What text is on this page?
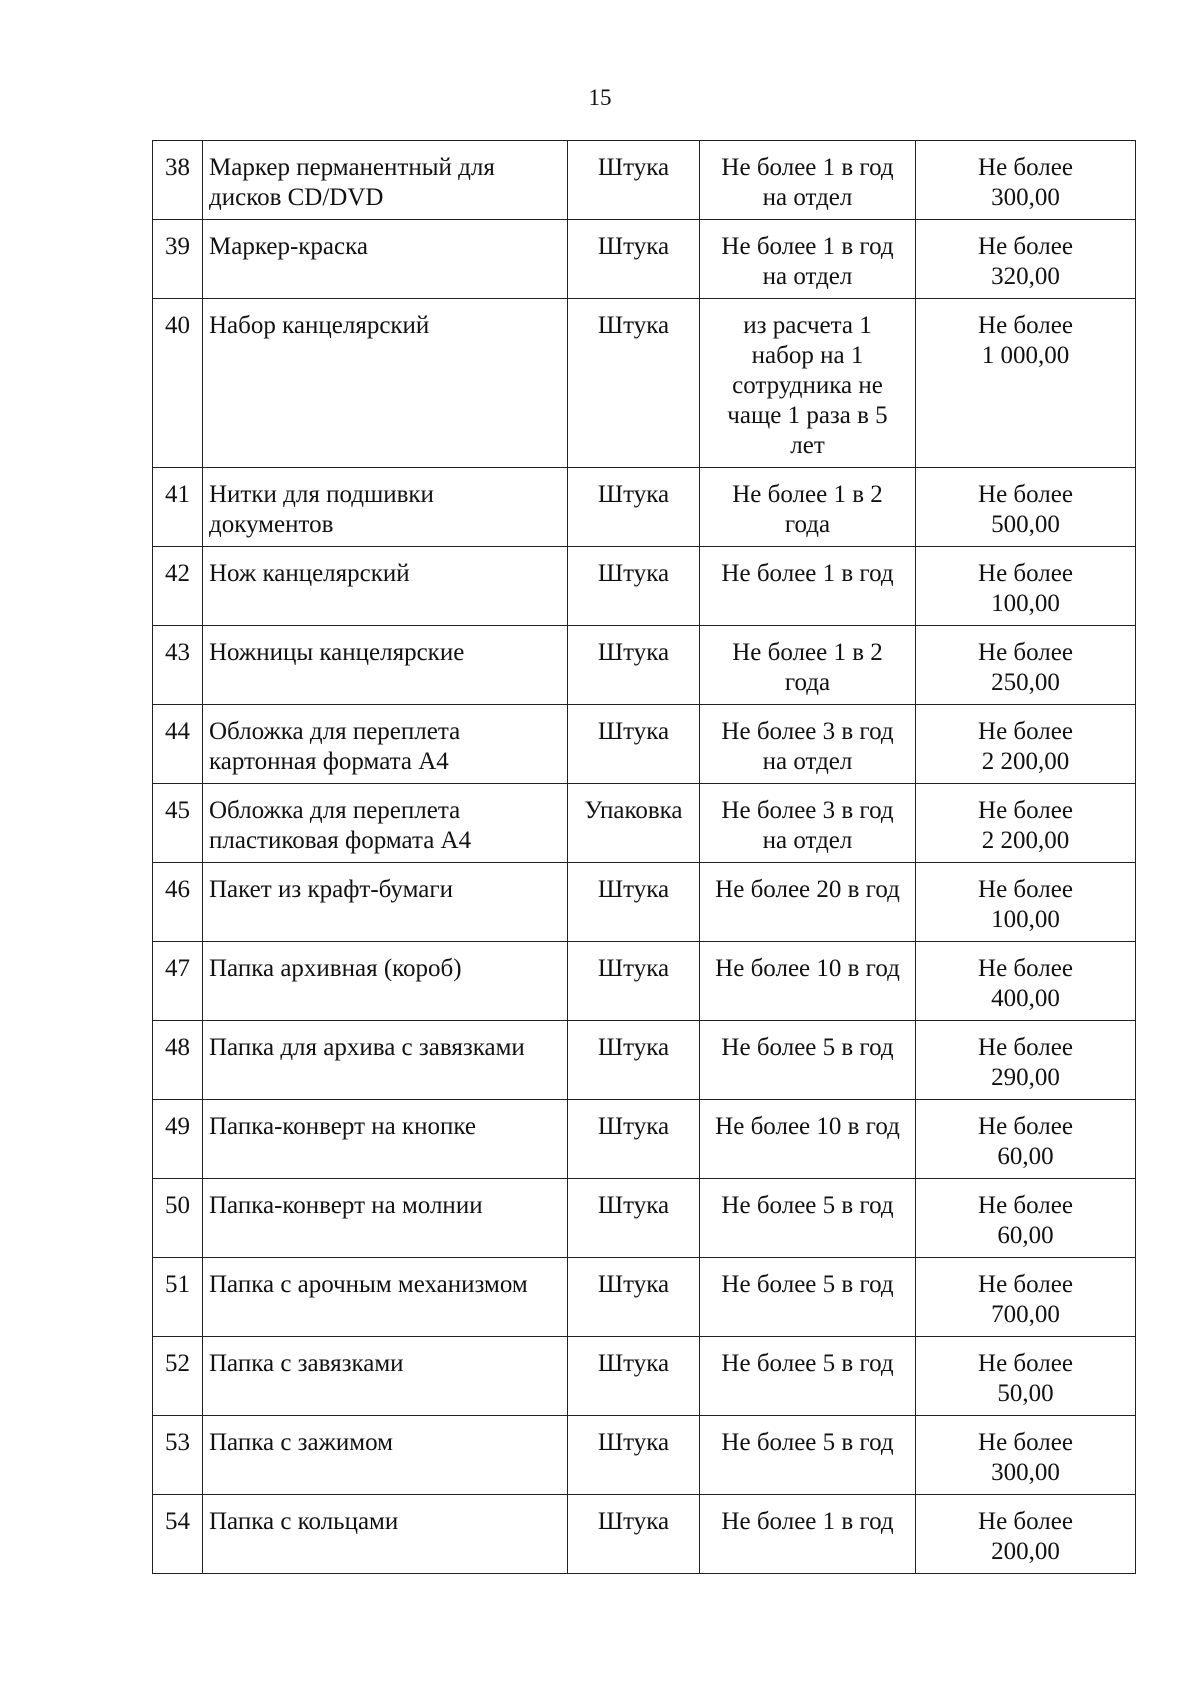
15
38	Маркер перманентный для
дисков CD/DVD	Штука	Не более 1 в год
на отдел	Не более
300,00

39	Маркер-краска	Штука	Не более 1 в год
на отдел	Не более
320,00

40	Набор канцелярский	Штука	из расчета 1
набор на 1
сотрудника не
чаще 1 раза в 5
лет	Не более
1 000,00

41	Нитки для подшивки
документов	Штука	Не более 1 в 2
года	Не более
500,00

42	Нож канцелярский	Штука	Не более 1 в год	Не более
100,00

43	Ножницы канцелярские	Штука	Не более 1 в 2
года	Не более
250,00

44	Обложка для переплета
картонная формата А4	Штука	Не более 3 в год
на отдел	Не более
2 200,00

45	Обложка для переплета
пластиковая формата А4	Упаковка	Не более 3 в год
на отдел	Не более
2 200,00

46	Пакет из крафт-бумаги	Штука	Не более 20 в год	Не более
100,00

47	Папка архивная (короб)	Штука	Не более 10 в год	Не более
400,00

48	Папка для архива с завязками	Штука	Не более 5 в год	Не более
290,00

49	Папка-конверт на кнопке	Штука	Не более 10 в год	Не более
60,00

50	Папка-конверт на молнии	Штука	Не более 5 в год	Не более
60,00

51	Папка с арочным механизмом	Штука	Не более 5 в год	Не более
700,00

52	Папка с завязками	Штука	Не более 5 в год	Не более
50,00

53	Папка с зажимом	Штука	Не более 5 в год	Не более
300,00

54	Папка с кольцами	Штука	Не более 1 в год	Не более
200,00
